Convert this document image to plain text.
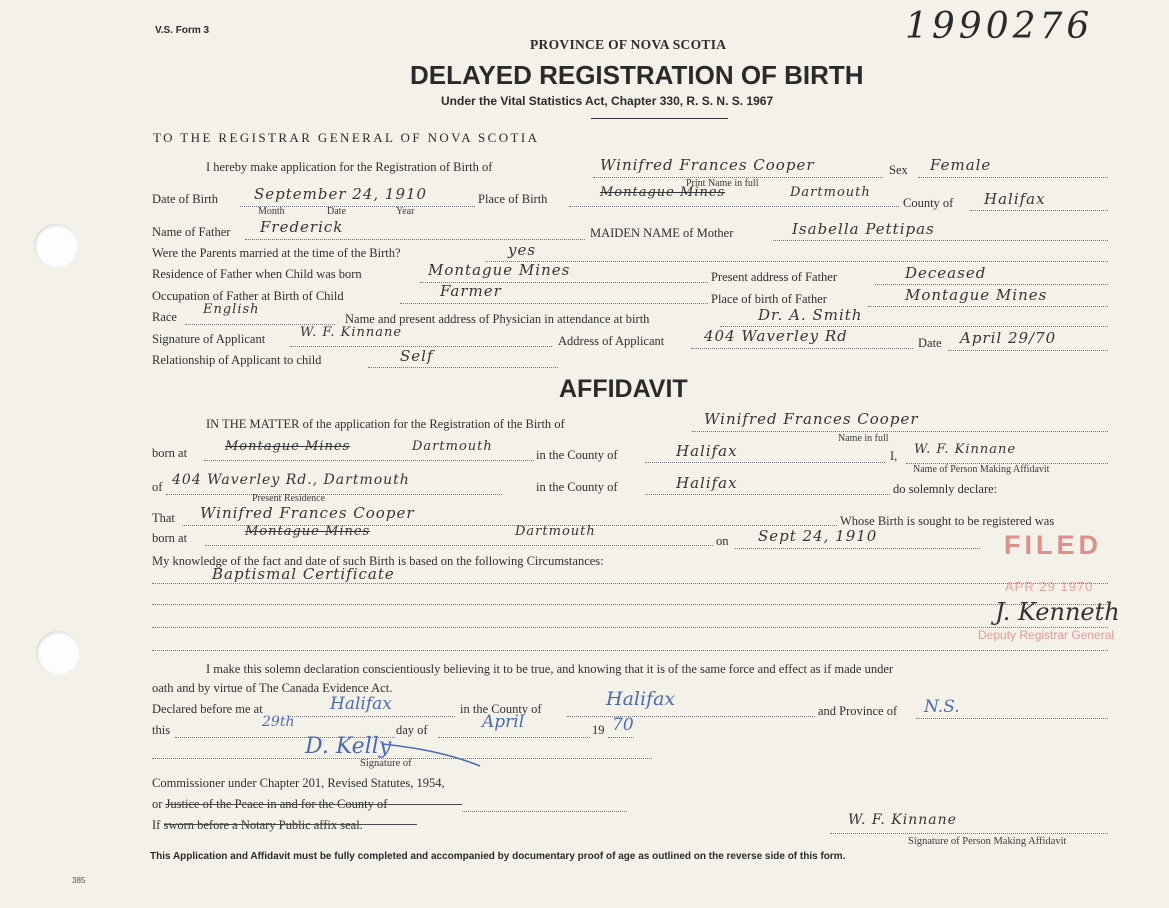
V.S. Form 3	1990276
PROVINCE OF NOVA SCOTIA
DELAYED REGISTRATION OF BIRTH
Under the Vital Statistics Act, Chapter 330, R. S. N. S. 1967
TO THE REGISTRAR GENERAL OF NOVA SCOTIA
I hereby make application for the Registration of Birth of	Winifred Frances Cooper	Sex Female
Print Name in full
Date of Birth September 24, 1910
Month	Date	Year
Place of Birth	Montague Mines	Dartmouth
County of Halifax
Name of Father Frederick	MAIDEN NAME of Mother	Isabella Pettipas
Were the Parents married at the time of the Birth?	yes
Residence of Father when Child was born	Montague Mines	Present address of Father	Deceased
Occupation of Father at Birth of Child	Farmer	Place of birth of Father	Montague Mines
Race English
Name and present address of Physician in attendance at birth	Dr. A. Smith
Signature of Applicant	W. F. Kinnane
Address of Applicant	404 Waverley Rd	Date April 29/70
Relationship of Applicant to child	Self
AFFIDAVIT
IN THE MATTER of the application for the Registration of the Birth of	Winifred Frances Cooper
Name in full
born at	Montague Mines	Dartmouth
in the County of	Halifax	I, W. F. Kinnane
Name of Person Making Affidavit
of 404 Waverley Rd., Dartmouth
Present Residence
in the County of	Halifax	do solemnly declare:
That Winifred Frances Cooper	Whose Birth is sought to be registered was
born at	Montague Mines	Dartmouth
on Sept 24, 1910
My knowledge of the fact and date of such Birth is based on the following Circumstances:
Baptismal Certificate
FILED
APR 29 1970
J. Kenneth
Deputy Registrar General
I make this solemn declaration conscientiously believing it to be true, and knowing that it is of the same force and effect as if made under
oath and by virtue of The Canada Evidence Act.
Declared before me at	Halifax	in the County of	Halifax
and Province of N.S.
this	29th	day of	April	19 70
D. Kelly
Signature of
Commissioner under Chapter 201, Revised Statutes, 1954,
or Justice of the Peace in and for the County of
If sworn before a Notary Public affix seal.	W. F. Kinnane
Signature of Person Making Affidavit
This Application and Affidavit must be fully completed and accompanied by documentary proof of age as outlined on the reverse side of this form.
385
